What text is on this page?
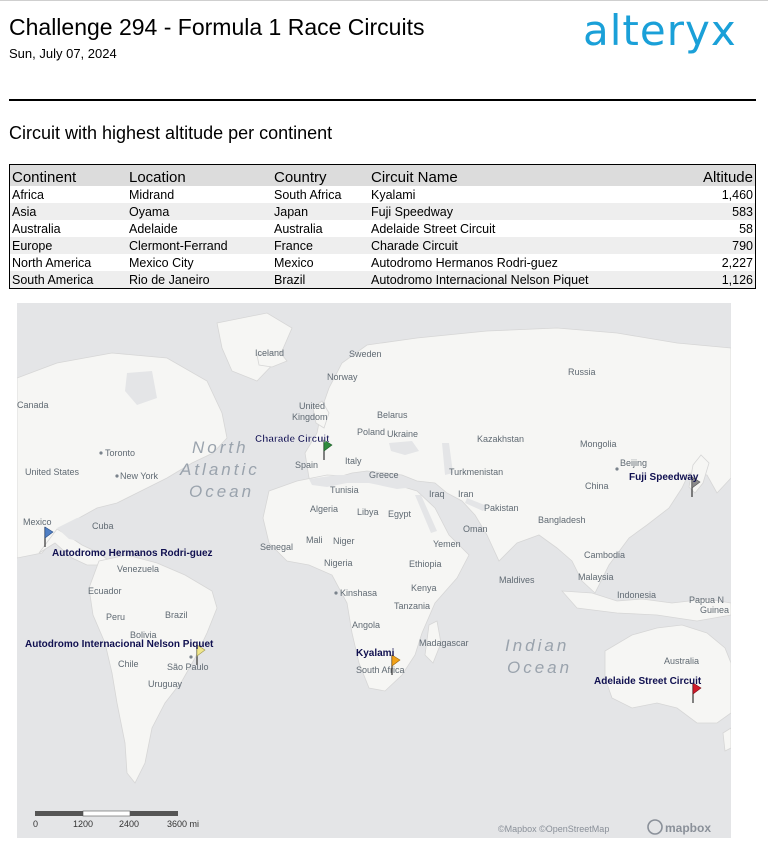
Challenge 294 - Formula 1 Race Circuits
Sun, July 07, 2024	alteryx
Circuit with highest altitude per continent
Continent	Location	Country	Circuit Name	Altitude
Africa	Midrand	South Africa	Kyalami	1,460
Asia	Oyama	Japan	Fuji Speedway	583
Australia	Adelaide	Australia	Adelaide Street Circuit	58
Europe	Clermont-Ferrand	France	Charade Circuit	790
North America	Mexico City	Mexico	Autodromo Hermanos Rodri-guez	2,227
South America	Rio de Janeiro	Brazil	Autodromo Internacional Nelson Piquet	1,126
North
Atlantic
Ocean
Indian
Ocean
Iceland	Sweden
Norway	Russia
Canada	United
Kingdom	Belarus
Poland Ukraine	Kazakhstan	Mongolia
Toronto
New York
United States
Spain	Italy
Greece	Turkmenistan
Beijing
China
Tunisia	Iraq Iran
Algeria Libya Egypt
Pakistan
Oman
Bangladesh
Mexico	Cuba
Senegal
Mali Niger	Yemen
Nigeria	Ethiopia
Cambodia
Venezuela
Kenya
Maldives	Malaysia
Ecuador	Kinshasa
Tanzania
Indonesia
Peru	Brazil
Papua N
Guinea
Bolivia
Angola
Madagascar
Chile	São Paulo	South Africa
Australia
Uruguay
Charade Circuit
Fuji Speedway
Autodromo Hermanos Rodri-guez
Autodromo Internacional Nelson Piquet
Kyalami
Adelaide Street Circuit
0	1200	2400	3600 mi	©Mapbox ©OpenStreetMap	mapbox
